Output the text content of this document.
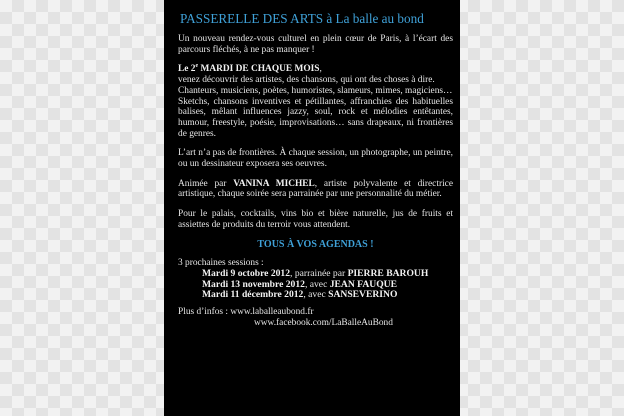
PASSERELLE DES ARTS à La balle au bond

Un nouveau rendez-vous culturel en plein cœur de Paris, à l’écart des parcours fléchés, à ne pas manquer !

Le 2e MARDI DE CHAQUE MOIS,
venez découvrir des artistes, des chansons, qui ont des choses à dire.
Chanteurs, musiciens, poètes, humoristes, slameurs, mimes, magiciens…
Sketchs, chansons inventives et pétillantes, affranchies des habituelles balises, mêlant influences jazzy, soul, rock et mélodies entêtantes, humour, freestyle, poésie, improvisations… sans drapeaux, ni frontières de genres.

L’art n’a pas de frontières. À chaque session, un photographe, un peintre, ou un dessinateur exposera ses oeuvres.

Animée par VANINA MICHEL, artiste polyvalente et directrice artistique, chaque soirée sera parrainée par une personnalité du métier.

Pour le palais, cocktails, vins bio et bière naturelle, jus de fruits et assiettes de produits du terroir vous attendent.

TOUS À VOS AGENDAS !
3 prochaines sessions :
Mardi 9 octobre 2012, parrainée par PIERRE BAROUH
Mardi 13 novembre 2012, avec JEAN FAUQUE
Mardi 11 décembre 2012, avec SANSEVERINO
Plus d’infos : www.laballeaubond.fr
www.facebook.com/LaBalleAuBond
